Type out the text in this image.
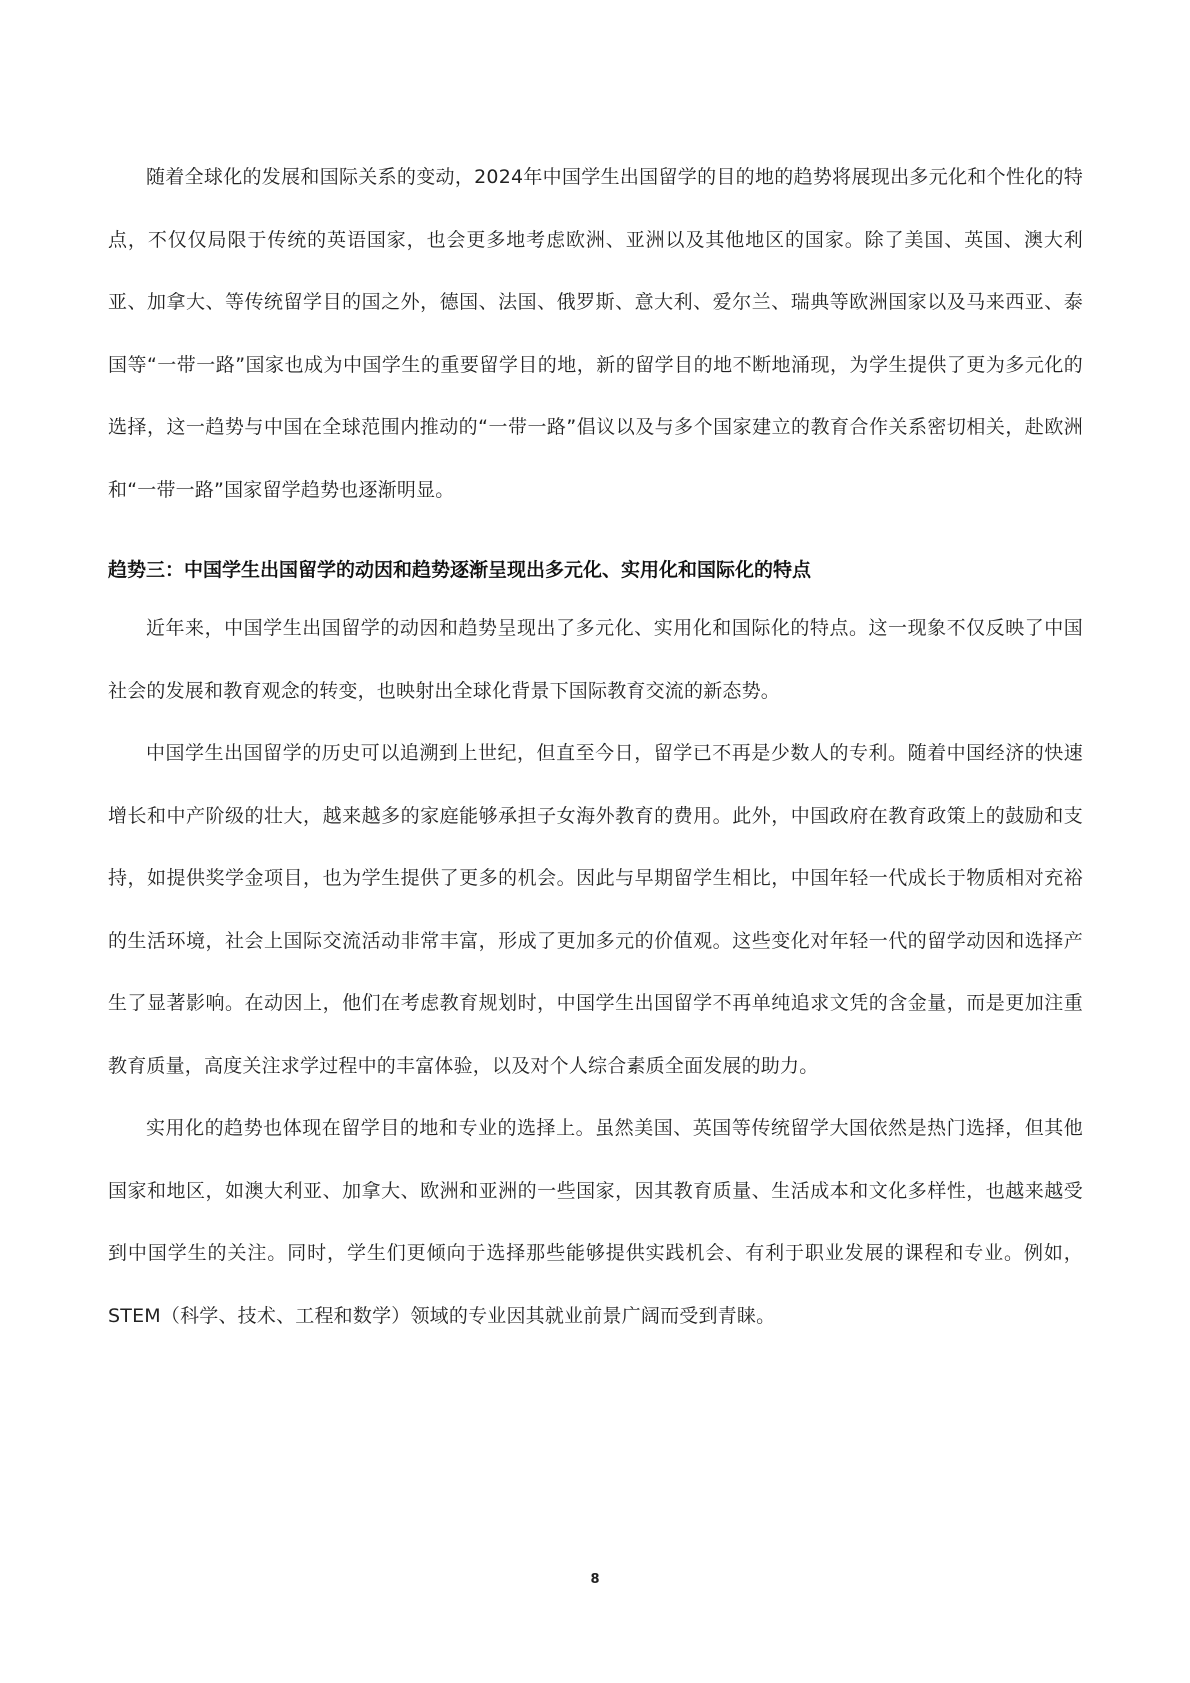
随着全球化的发展和国际关系的变动，2024年中国学生出国留学的目的地的趋势将展现出多元化和个性化的特点，不仅仅局限于传统的英语国家，也会更多地考虑欧洲、亚洲以及其他地区的国家。除了美国、英国、澳大利亚、加拿大、等传统留学目的国之外，德国、法国、俄罗斯、意大利、爱尔兰、瑞典等欧洲国家以及马来西亚、泰国等“一带一路”国家也成为中国学生的重要留学目的地，新的留学目的地不断地涌现，为学生提供了更为多元化的选择，这一趋势与中国在全球范围内推动的“一带一路”倡议以及与多个国家建立的教育合作关系密切相关，赴欧洲和“一带一路”国家留学趋势也逐渐明显。

趋势三：中国学生出国留学的动因和趋势逐渐呈现出多元化、实用化和国际化的特点

近年来，中国学生出国留学的动因和趋势呈现出了多元化、实用化和国际化的特点。这一现象不仅反映了中国社会的发展和教育观念的转变，也映射出全球化背景下国际教育交流的新态势。

中国学生出国留学的历史可以追溯到上世纪，但直至今日，留学已不再是少数人的专利。随着中国经济的快速增长和中产阶级的壮大，越来越多的家庭能够承担子女海外教育的费用。此外，中国政府在教育政策上的鼓励和支持，如提供奖学金项目，也为学生提供了更多的机会。因此与早期留学生相比，中国年轻一代成长于物质相对充裕的生活环境，社会上国际交流活动非常丰富，形成了更加多元的价值观。这些变化对年轻一代的留学动因和选择产生了显著影响。在动因上，他们在考虑教育规划时，中国学生出国留学不再单纯追求文凭的含金量，而是更加注重教育质量，高度关注求学过程中的丰富体验，以及对个人综合素质全面发展的助力。

实用化的趋势也体现在留学目的地和专业的选择上。虽然美国、英国等传统留学大国依然是热门选择，但其他国家和地区，如澳大利亚、加拿大、欧洲和亚洲的一些国家，因其教育质量、生活成本和文化多样性，也越来越受到中国学生的关注。同时，学生们更倾向于选择那些能够提供实践机会、有利于职业发展的课程和专业。例如，STEM（科学、技术、工程和数学）领域的专业因其就业前景广阔而受到青睐。

8
